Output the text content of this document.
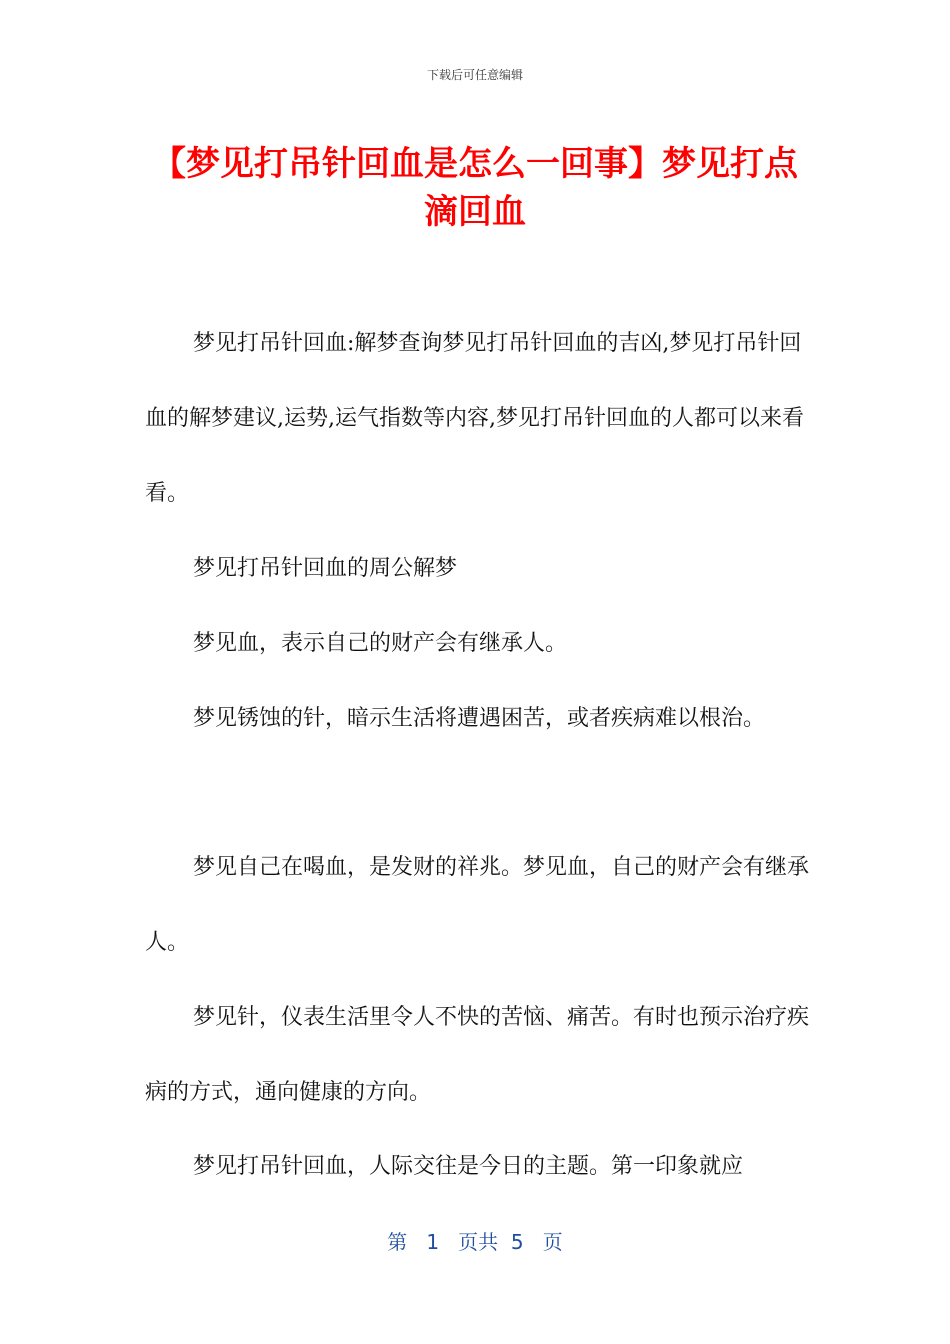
下载后可任意编辑
【梦见打吊针回血是怎么一回事】梦见打点滴回血

梦见打吊针回血:解梦查询梦见打吊针回血的吉凶,梦见打吊针回血的解梦建议,运势,运气指数等内容,梦见打吊针回血的人都可以来看看。

梦见打吊针回血的周公解梦

梦见血，表示自己的财产会有继承人。

梦见锈蚀的针，暗示生活将遭遇困苦，或者疾病难以根治。

梦见自己在喝血，是发财的祥兆。梦见血，自己的财产会有继承人。

梦见针，仪表生活里令人不快的苦恼、痛苦。有时也预示治疗疾病的方式，通向健康的方向。

梦见打吊针回血，人际交往是今日的主题。第一印象就应

第 1 页共 5 页
